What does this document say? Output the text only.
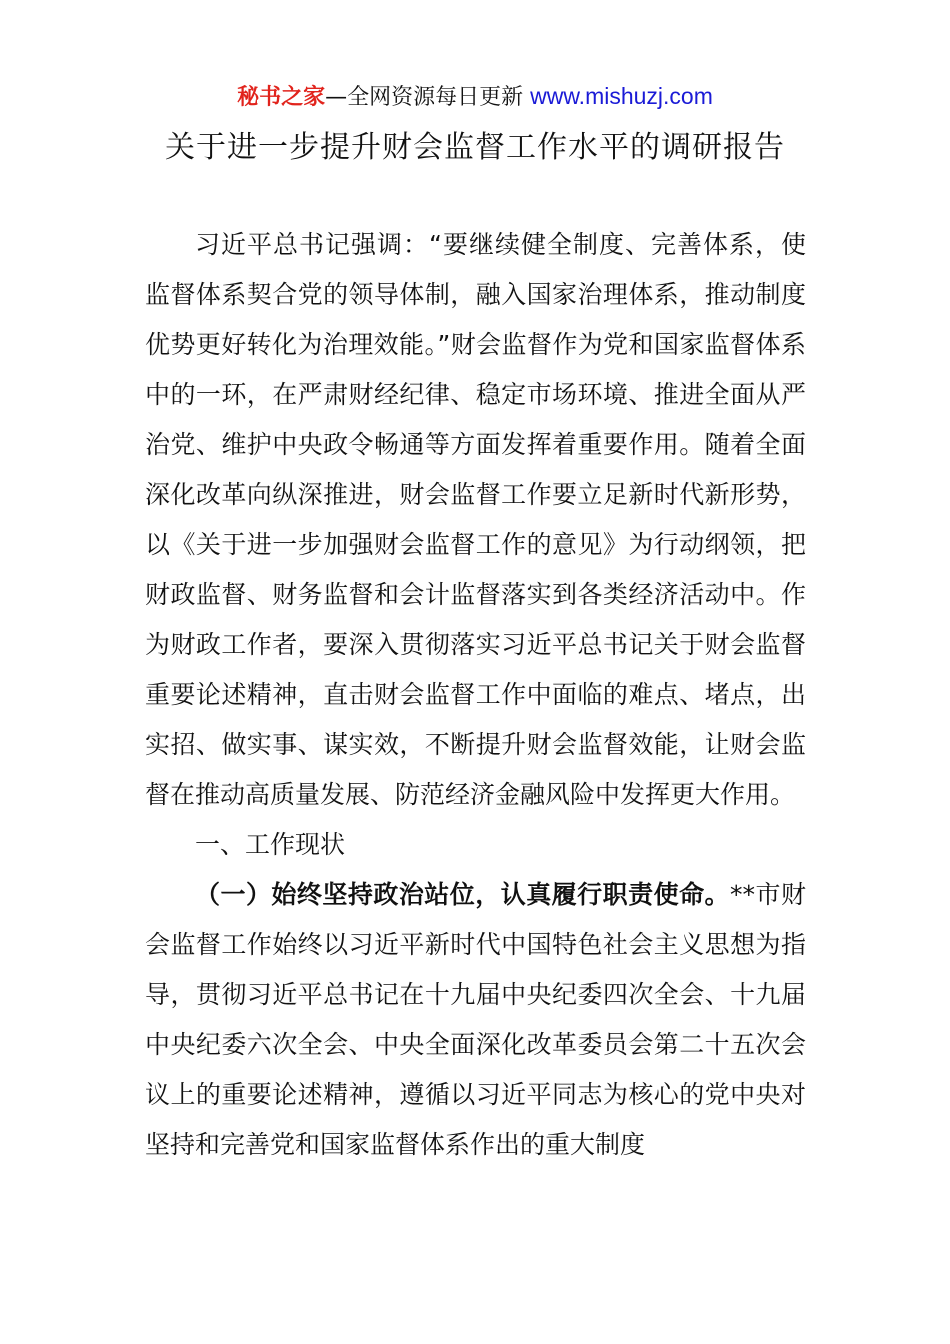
秘书之家—全网资源每日更新 www.mishuzj.com
关于进一步提升财会监督工作水平的调研报告

习近平总书记强调：“要继续健全制度、完善体系，使监督体系契合党的领导体制，融入国家治理体系，推动制度优势更好转化为治理效能。”财会监督作为党和国家监督体系中的一环，在严肃财经纪律、稳定市场环境、推进全面从严治党、维护中央政令畅通等方面发挥着重要作用。随着全面深化改革向纵深推进，财会监督工作要立足新时代新形势，以《关于进一步加强财会监督工作的意见》为行动纲领，把财政监督、财务监督和会计监督落实到各类经济活动中。作为财政工作者，要深入贯彻落实习近平总书记关于财会监督重要论述精神，直击财会监督工作中面临的难点、堵点，出实招、做实事、谋实效，不断提升财会监督效能，让财会监督在推动高质量发展、防范经济金融风险中发挥更大作用。

一、工作现状

（一）始终坚持政治站位，认真履行职责使命。**市财会监督工作始终以习近平新时代中国特色社会主义思想为指导，贯彻习近平总书记在十九届中央纪委四次全会、十九届中央纪委六次全会、中央全面深化改革委员会第二十五次会议上的重要论述精神，遵循以习近平同志为核心的党中央对坚持和完善党和国家监督体系作出的重大制度
